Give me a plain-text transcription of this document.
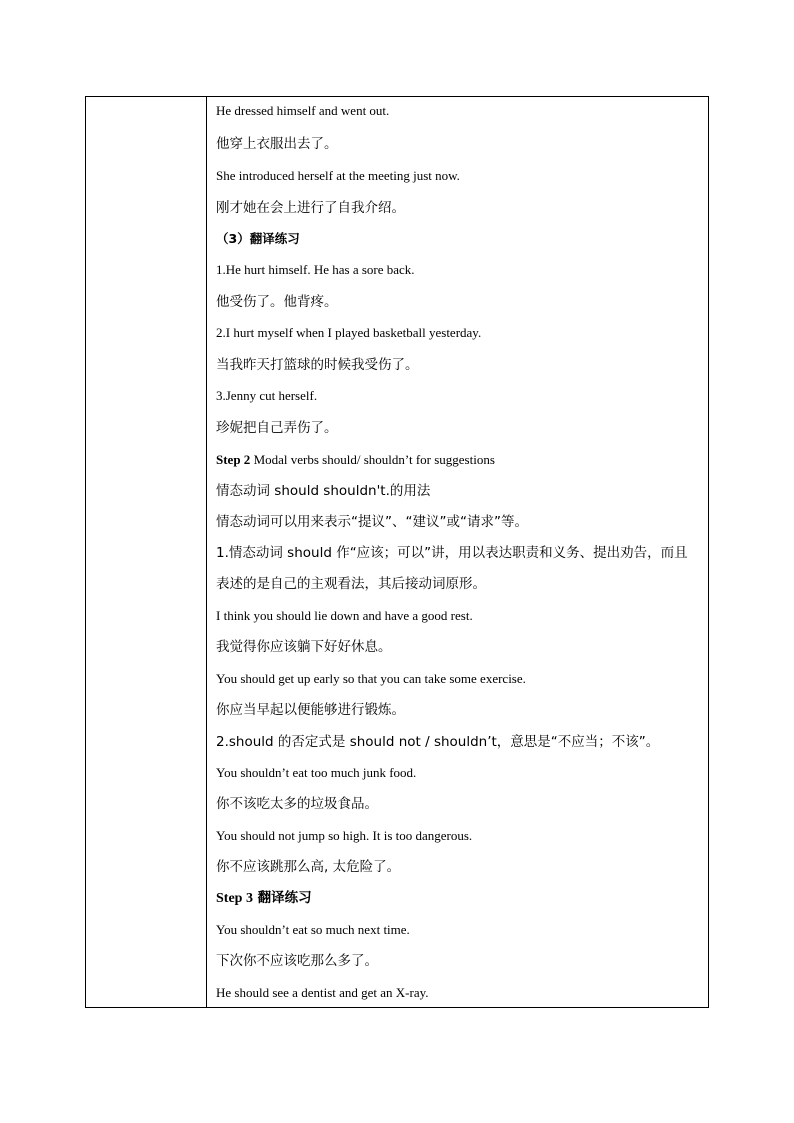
He dressed himself and went out.
他穿上衣服出去了。
She introduced herself at the meeting just now.
刚才她在会上进行了自我介绍。
（3）翻译练习
1.He hurt himself. He has a sore back.
他受伤了。他背疼。
2.I hurt myself when I played basketball yesterday.
当我昨天打篮球的时候我受伤了。
3.Jenny cut herself.
珍妮把自己弄伤了。
Step 2 Modal verbs should/ shouldn’t for suggestions
情态动词 should shouldn't.的用法
情态动词可以用来表示“提议”、“建议”或“请求”等。
1.情态动词 should 作“应该；可以”讲，用以表达职责和义务、提出劝告，而且
表述的是自己的主观看法，其后接动词原形。
I think you should lie down and have a good rest.
我觉得你应该躺下好好休息。
You should get up early so that you can take some exercise.
你应当早起以便能够进行锻炼。
2.should 的否定式是 should not / shouldn’t，意思是“不应当；不该”。
You shouldn’t eat too much junk food.
你不该吃太多的垃圾食品。
You should not jump so high. It is too dangerous.
你不应该跳那么高, 太危险了。
Step 3 翻译练习
You shouldn’t eat so much next time.
下次你不应该吃那么多了。
He should see a dentist and get an X-ray.
